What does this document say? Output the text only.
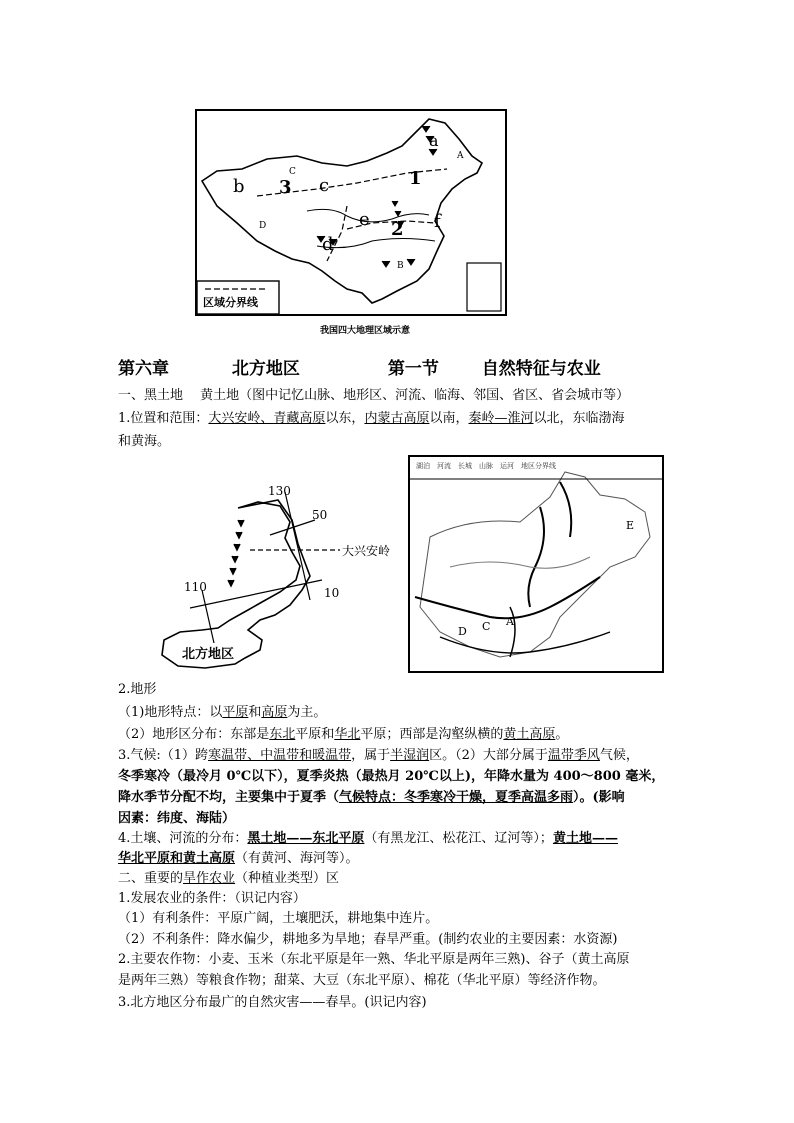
A
B
C
D
a
b	c
d
e	f
1
2
3
区域分界线
我国四大地理区域示意
第六章	北方地区	第一节	自然特征与农业
一、黑土地　 黄土地（图中记忆山脉、地形区、河流、临海、邻国、省区、省会城市等）
1.位置和范围：大兴安岭、青藏高原以东，内蒙古高原以南，秦岭—淮河以北，东临渤海
和黄海。
130
50
大兴安岭
110	10
北方地区
湖泊　河流　长城　山脉　运河　地区分界线
E
D C A
2.地形
（1)地形特点：以平原和高原为主。
（2）地形区分布：东部是东北平原和华北平原；西部是沟壑纵横的黄土高原。
3.气候:（1）跨寒温带、中温带和暖温带，属于半湿润区。（2）大部分属于温带季风气候，
冬季寒冷（最冷月 0℃以下），夏季炎热（最热月 20℃以上)，年降水量为 400～800 毫米，
降水季节分配不均，主要集中于夏季（气候特点：冬季寒冷干燥，夏季高温多雨）。(影响
因素：纬度、海陆）
4.土壤、河流的分布：黑土地——东北平原（有黑龙江、松花江、辽河等）；黄土地——
华北平原和黄土高原（有黄河、海河等）。
二、重要的旱作农业（种植业类型）区
1.发展农业的条件：（识记内容）
（1）有利条件：平原广阔，土壤肥沃，耕地集中连片。
（2）不利条件：降水偏少，耕地多为旱地；春旱严重。(制约农业的主要因素：水资源)
2.主要农作物：小麦、玉米（东北平原是年一熟、华北平原是两年三熟)、谷子（黄土高原
是两年三熟）等粮食作物；甜菜、大豆（东北平原）、棉花（华北平原）等经济作物。
3.北方地区分布最广的自然灾害——春旱。(识记内容)
